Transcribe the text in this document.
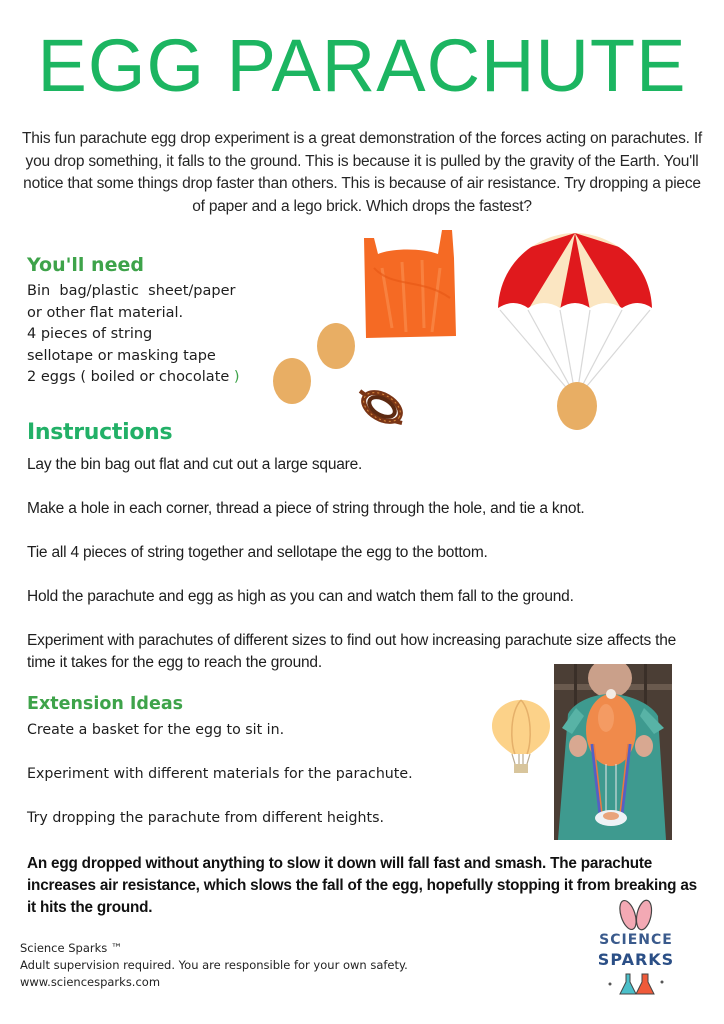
EGG PARACHUTE

This fun parachute egg drop experiment is a great demonstration of the forces acting on parachutes. If you drop something, it falls to the ground. This is because it is pulled by the gravity of the Earth. You'll notice that some things drop faster than others. This is because of air resistance. Try dropping a piece of paper and a lego brick. Which drops the fastest?

You'll need
Bin  bag/plastic  sheet/paper
or other flat material.
4 pieces of string
sellotape or masking tape
2 eggs ( boiled or chocolate )
Instructions

Lay the bin bag out flat and cut out a large square.

Make a hole in each corner, thread a piece of string through the hole, and tie a knot.

Tie all 4 pieces of string together and sellotape the egg to the bottom.

Hold the parachute and egg as high as you can and watch them fall to the ground.

Experiment with parachutes of different sizes to find out how increasing parachute size affects the time it takes for the egg to reach the ground.

Extension Ideas

Create a basket for the egg to sit in.

Experiment with different materials for the parachute.

Try dropping the parachute from different heights.

An egg dropped without anything to slow it down will fall fast and smash. The parachute increases air resistance, which slows the fall of the egg, hopefully stopping it from breaking as it hits the ground.

Science Sparks ™
Adult supervision required. You are responsible for your own safety.
www.sciencesparks.com
SCIENCE
SPARKS
